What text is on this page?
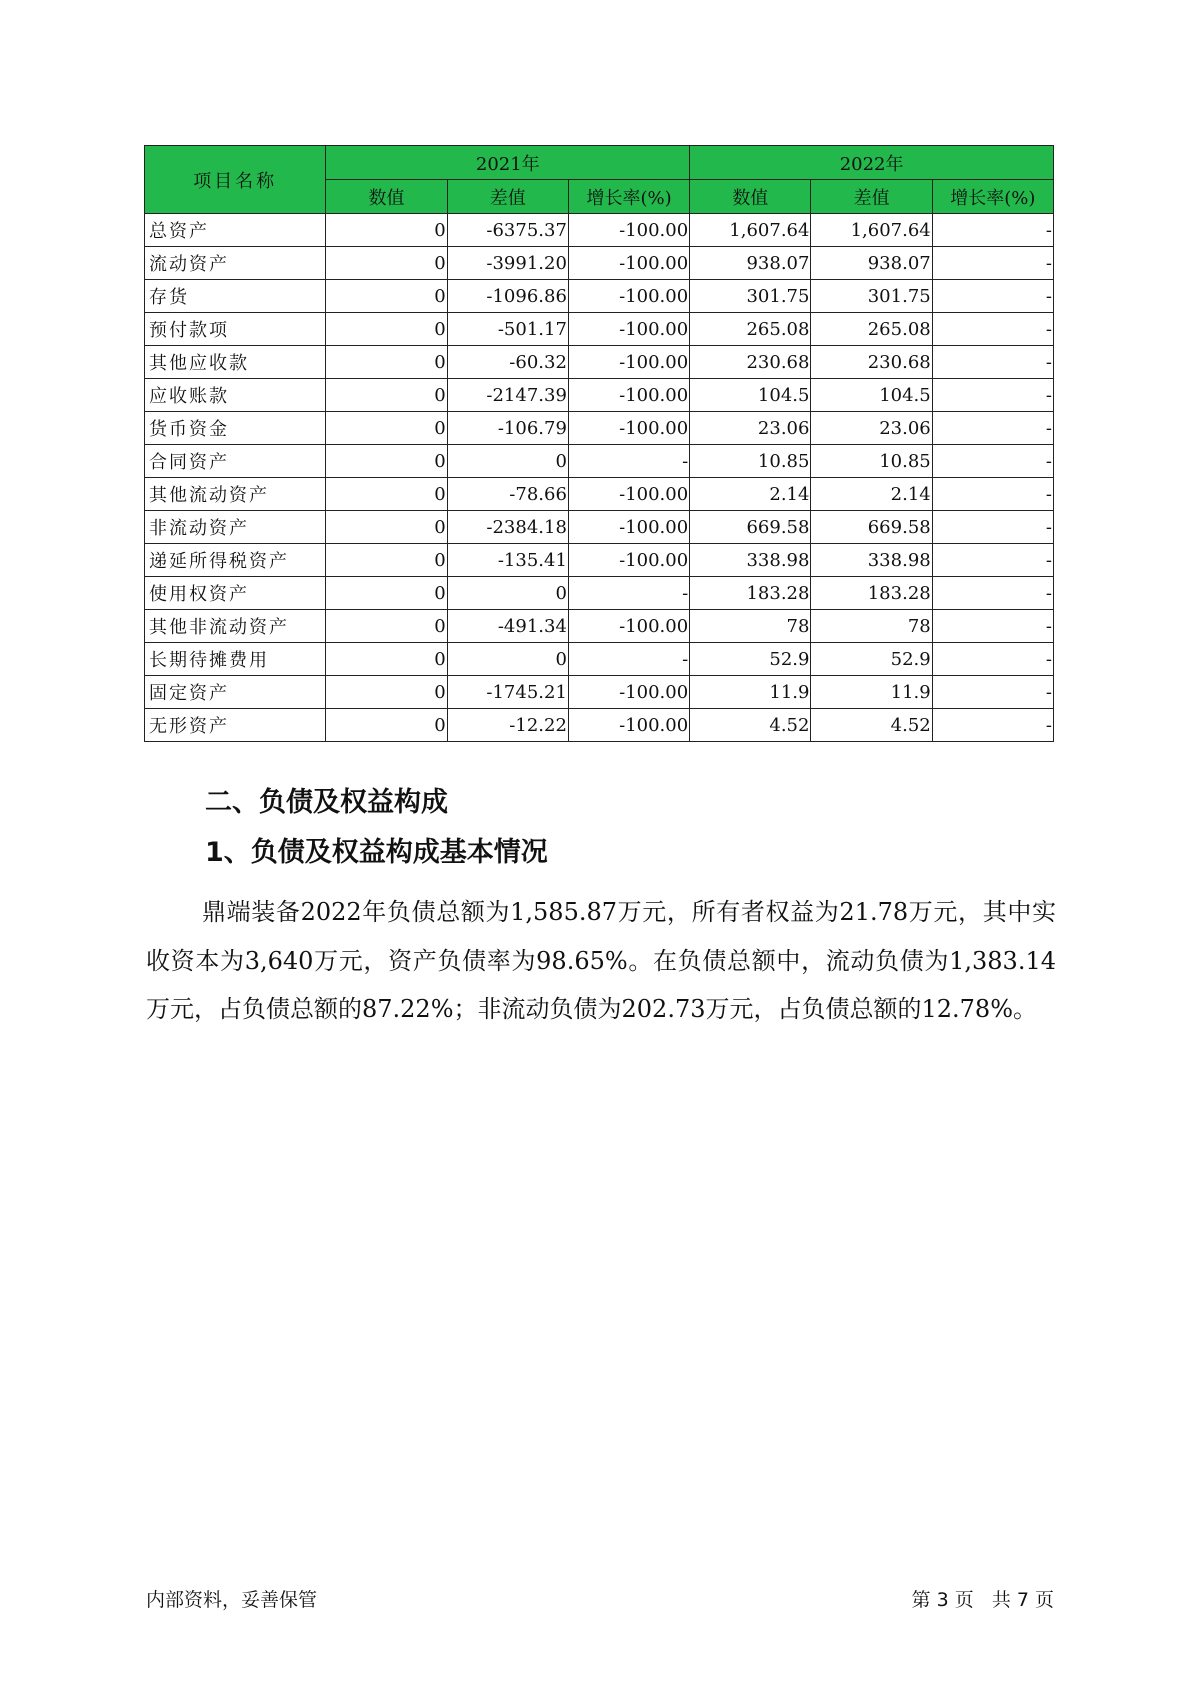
项目名称	2021年			2022年		
	数值	差值	增长率(%)	数值	差值	增长率(%)
总资产	0	-6375.37	-100.00	1,607.64	1,607.64	-
流动资产	0	-3991.20	-100.00	938.07	938.07	-
存货	0	-1096.86	-100.00	301.75	301.75	-
预付款项	0	-501.17	-100.00	265.08	265.08	-
其他应收款	0	-60.32	-100.00	230.68	230.68	-
应收账款	0	-2147.39	-100.00	104.5	104.5	-
货币资金	0	-106.79	-100.00	23.06	23.06	-
合同资产	0	0	-	10.85	10.85	-
其他流动资产	0	-78.66	-100.00	2.14	2.14	-
非流动资产	0	-2384.18	-100.00	669.58	669.58	-
递延所得税资产	0	-135.41	-100.00	338.98	338.98	-
使用权资产	0	0	-	183.28	183.28	-
其他非流动资产	0	-491.34	-100.00	78	78	-
长期待摊费用	0	0	-	52.9	52.9	-
固定资产	0	-1745.21	-100.00	11.9	11.9	-
无形资产	0	-12.22	-100.00	4.52	4.52	-
二、负债及权益构成
1、负债及权益构成基本情况

鼎端装备2022年负债总额为1,585.87万元，所有者权益为21.78万元，其中实收资本为3,640万元，资产负债率为98.65%。在负债总额中，流动负债为1,383.14万元，占负债总额的87.22%；非流动负债为202.73万元，占负债总额的12.78%。

内部资料，妥善保管	第 3 页   共 7 页
